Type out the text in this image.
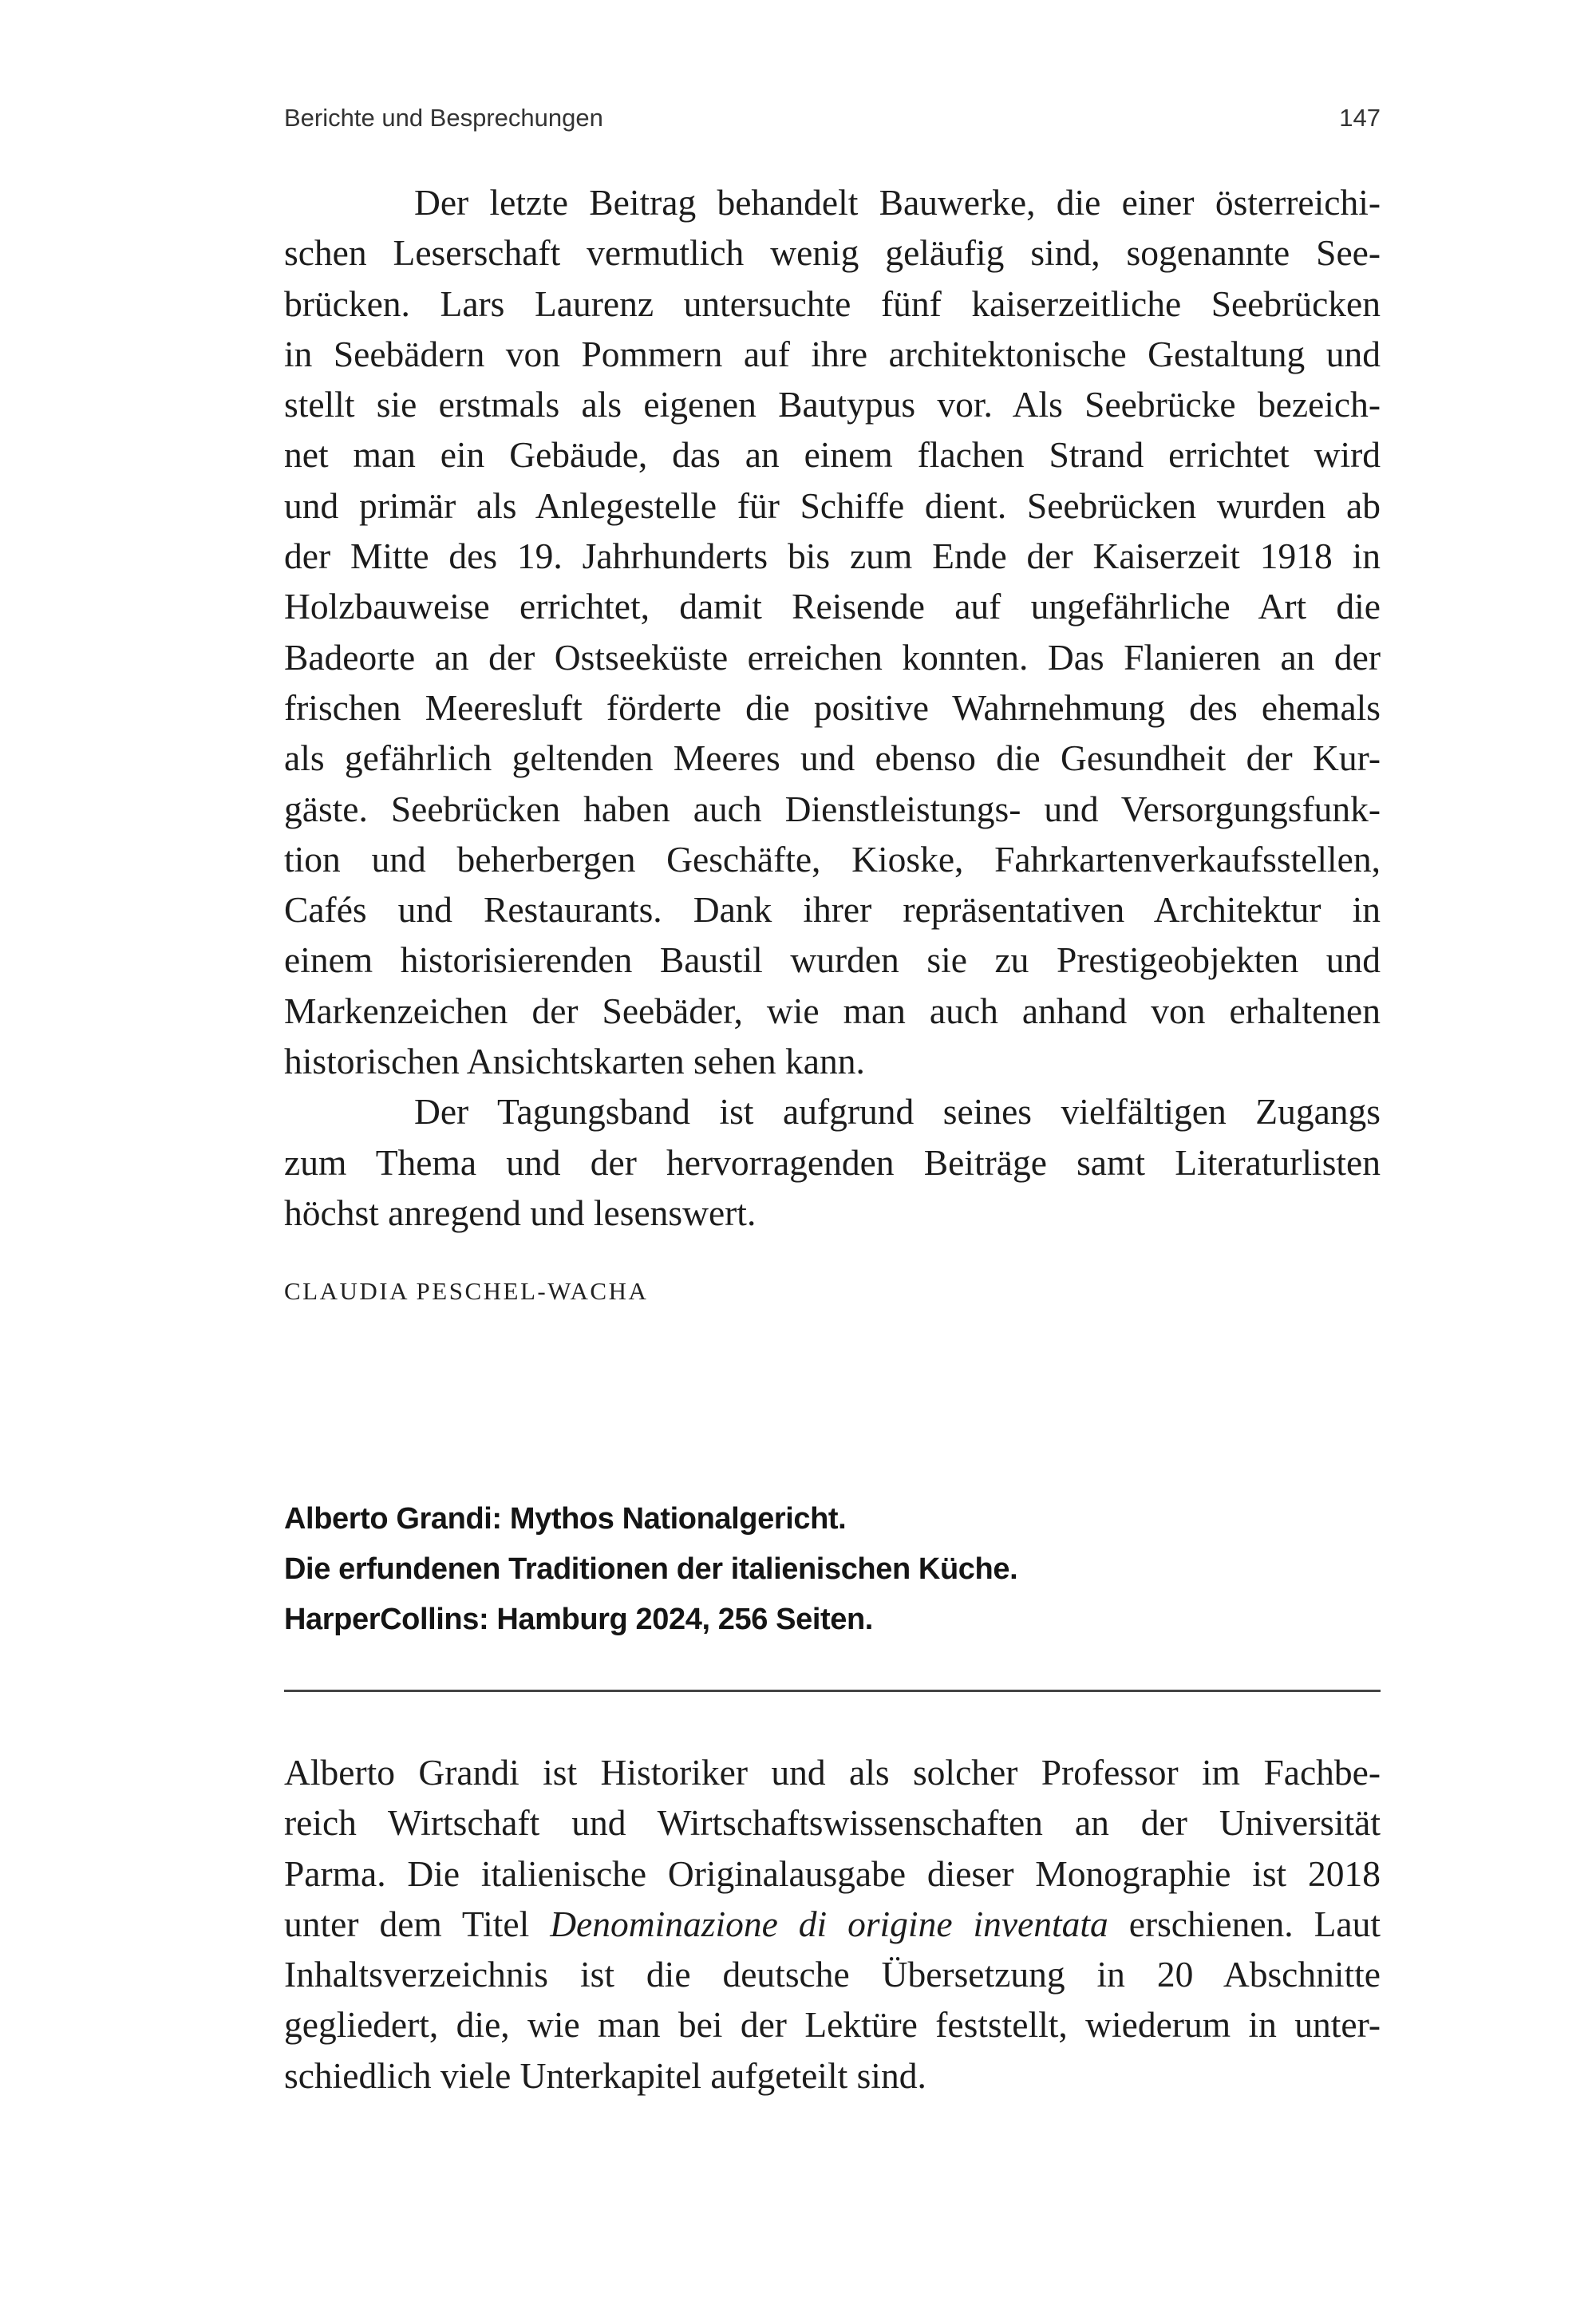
Berichte und Besprechungen	147

Der letzte Beitrag behandelt Bauwerke, die einer österreichi-
schen Leserschaft vermutlich wenig geläufig sind, sogenannte See-
brücken. Lars Laurenz untersuchte fünf kaiserzeitliche Seebrücken
in Seebädern von Pommern auf ihre architektonische Gestaltung und
stellt sie erstmals als eigenen Bautypus vor. Als Seebrücke bezeich-
net man ein Gebäude, das an einem flachen Strand errichtet wird
und primär als Anlegestelle für Schiffe dient. Seebrücken wurden ab
der Mitte des 19. Jahrhunderts bis zum Ende der Kaiserzeit 1918 in
Holzbauweise errichtet, damit Reisende auf ungefährliche Art die
Badeorte an der Ostseeküste erreichen konnten. Das Flanieren an der
frischen Meeresluft förderte die positive Wahrnehmung des ehemals
als gefährlich geltenden Meeres und ebenso die Gesundheit der Kur-
gäste. Seebrücken haben auch Dienstleistungs- und Versorgungsfunk-
tion und beherbergen Geschäfte, Kioske, Fahrkartenverkaufsstellen,
Cafés und Restaurants. Dank ihrer repräsentativen Architektur in
einem historisierenden Baustil wurden sie zu Prestigeobjekten und
Markenzeichen der Seebäder, wie man auch anhand von erhaltenen
historischen Ansichtskarten sehen kann.

Der Tagungsband ist aufgrund seines vielfältigen Zugangs
zum Thema und der hervorragenden Beiträge samt Literaturlisten
höchst anregend und lesenswert.

CLAUDIA PESCHEL-WACHA
Alberto Grandi: Mythos Nationalgericht.
Die erfundenen Traditionen der italienischen Küche.
HarperCollins: Hamburg 2024, 256 Seiten.

Alberto Grandi ist Historiker und als solcher Professor im Fachbe-
reich Wirtschaft und Wirtschaftswissenschaften an der Universität
Parma. Die italienische Originalausgabe dieser Monographie ist 2018
unter dem Titel Denominazione di origine inventata erschienen. Laut
Inhaltsverzeichnis ist die deutsche Übersetzung in 20 Abschnitte
gegliedert, die, wie man bei der Lektüre feststellt, wiederum in unter-
schiedlich viele Unterkapitel aufgeteilt sind.
